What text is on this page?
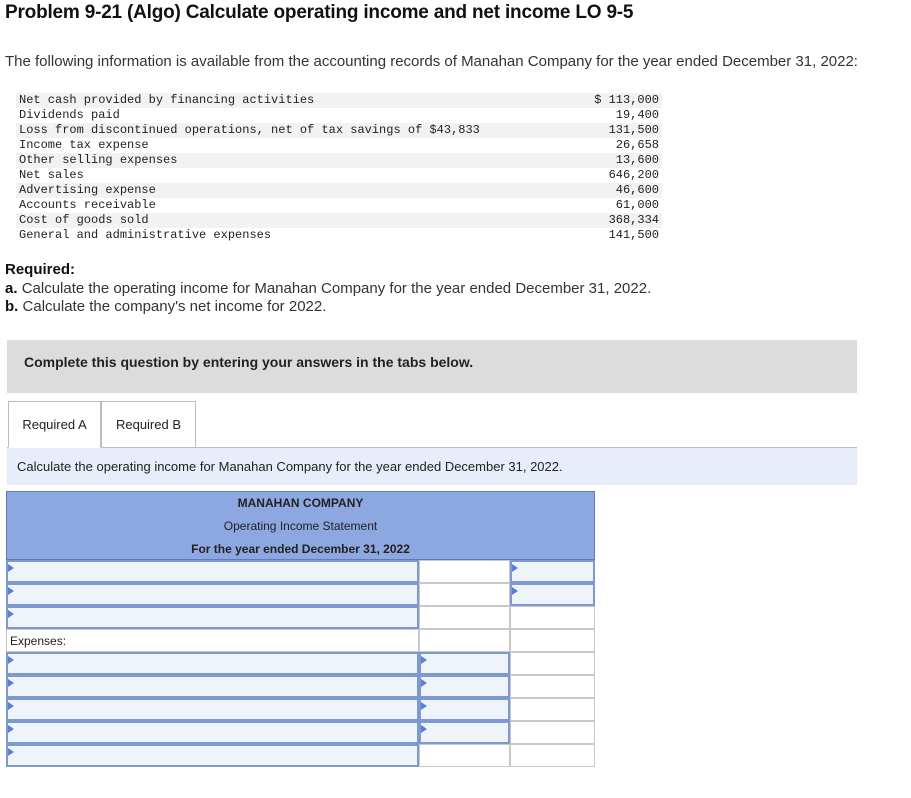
Problem 9-21 (Algo) Calculate operating income and net income LO 9-5
The following information is available from the accounting records of Manahan Company for the year ended December 31, 2022:
Net cash provided by financing activities	$ 113,000
Dividends paid	19,400
Loss from discontinued operations, net of tax savings of $43,833	131,500
Income tax expense	26,658
Other selling expenses	13,600
Net sales	646,200
Advertising expense	46,600
Accounts receivable	61,000
Cost of goods sold	368,334
General and administrative expenses	141,500
Required:
a. Calculate the operating income for Manahan Company for the year ended December 31, 2022.
b. Calculate the company's net income for 2022.
Complete this question by entering your answers in the tabs below.
Required A	Required B
Calculate the operating income for Manahan Company for the year ended December 31, 2022.
MANAHAN COMPANY
Operating Income Statement
For the year ended December 31, 2022
Expenses:
